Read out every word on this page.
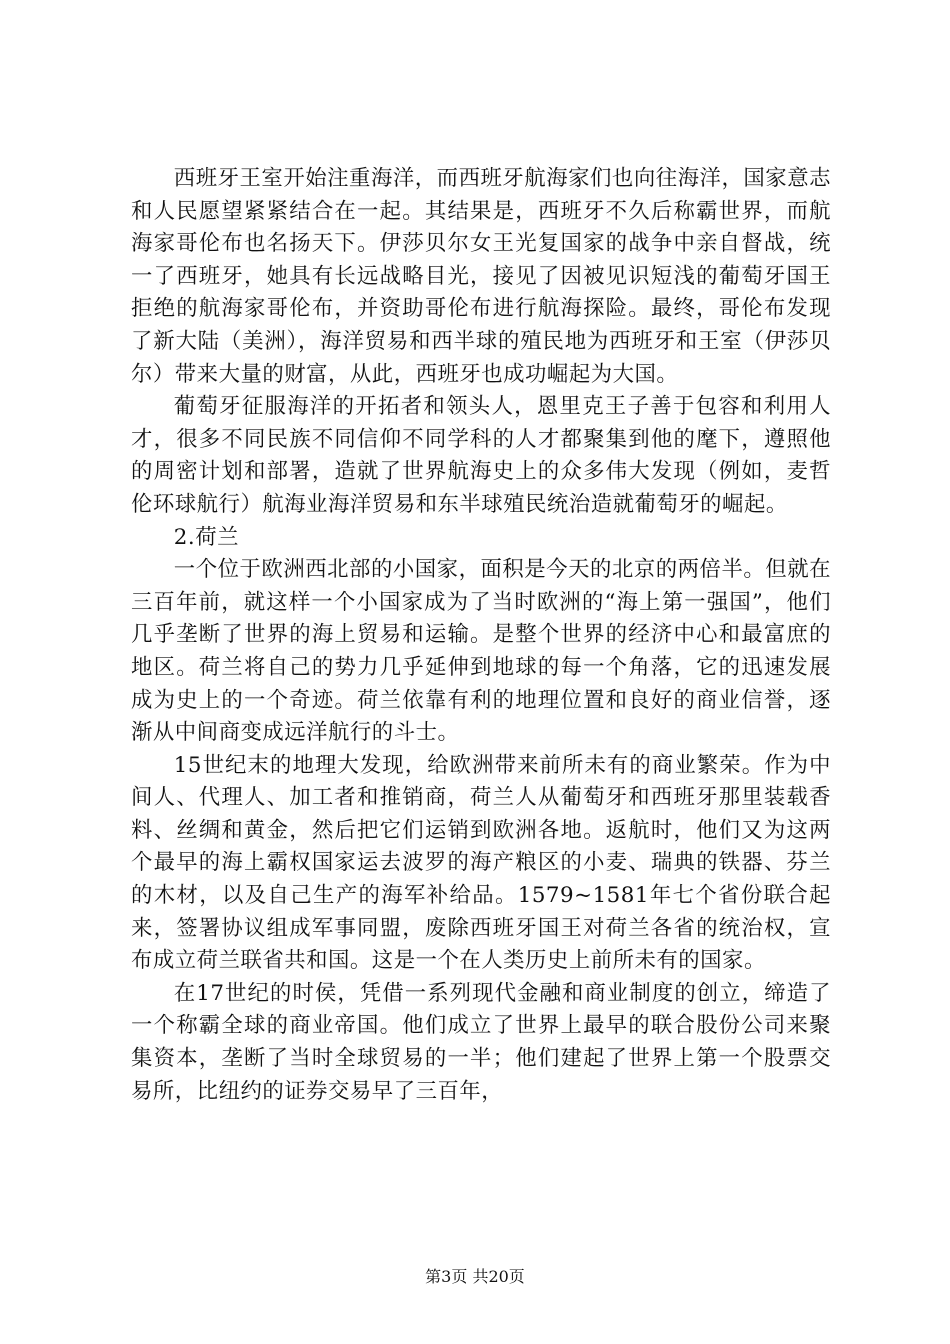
西班牙王室开始注重海洋，而西班牙航海家们也向往海洋，国家意志和人民愿望紧紧结合在一起。其结果是，西班牙不久后称霸世界，而航海家哥伦布也名扬天下。伊莎贝尔女王光复国家的战争中亲自督战，统一了西班牙，她具有长远战略目光，接见了因被见识短浅的葡萄牙国王拒绝的航海家哥伦布，并资助哥伦布进行航海探险。最终，哥伦布发现了新大陆（美洲），海洋贸易和西半球的殖民地为西班牙和王室（伊莎贝尔）带来大量的财富，从此，西班牙也成功崛起为大国。

葡萄牙征服海洋的开拓者和领头人，恩里克王子善于包容和利用人才，很多不同民族不同信仰不同学科的人才都聚集到他的麾下，遵照他的周密计划和部署，造就了世界航海史上的众多伟大发现（例如，麦哲伦环球航行）航海业海洋贸易和东半球殖民统治造就葡萄牙的崛起。

2.荷兰

一个位于欧洲西北部的小国家，面积是今天的北京的两倍半。但就在三百年前，就这样一个小国家成为了当时欧洲的“海上第一强国”，他们几乎垄断了世界的海上贸易和运输。是整个世界的经济中心和最富庶的地区。荷兰将自己的势力几乎延伸到地球的每一个角落，它的迅速发展成为史上的一个奇迹。荷兰依靠有利的地理位置和良好的商业信誉，逐渐从中间商变成远洋航行的斗士。

15世纪末的地理大发现，给欧洲带来前所未有的商业繁荣。作为中间人、代理人、加工者和推销商，荷兰人从葡萄牙和西班牙那里装载香料、丝绸和黄金，然后把它们运销到欧洲各地。返航时，他们又为这两个最早的海上霸权国家运去波罗的海产粮区的小麦、瑞典的铁器、芬兰的木材，以及自己生产的海军补给品。1579~1581年七个省份联合起来，签署协议组成军事同盟，废除西班牙国王对荷兰各省的统治权，宣布成立荷兰联省共和国。这是一个在人类历史上前所未有的国家。

在17世纪的时侯，凭借一系列现代金融和商业制度的创立，缔造了一个称霸全球的商业帝国。他们成立了世界上最早的联合股份公司来聚集资本，垄断了当时全球贸易的一半；他们建起了世界上第一个股票交易所，比纽约的证券交易早了三百年，

第3页 共20页
